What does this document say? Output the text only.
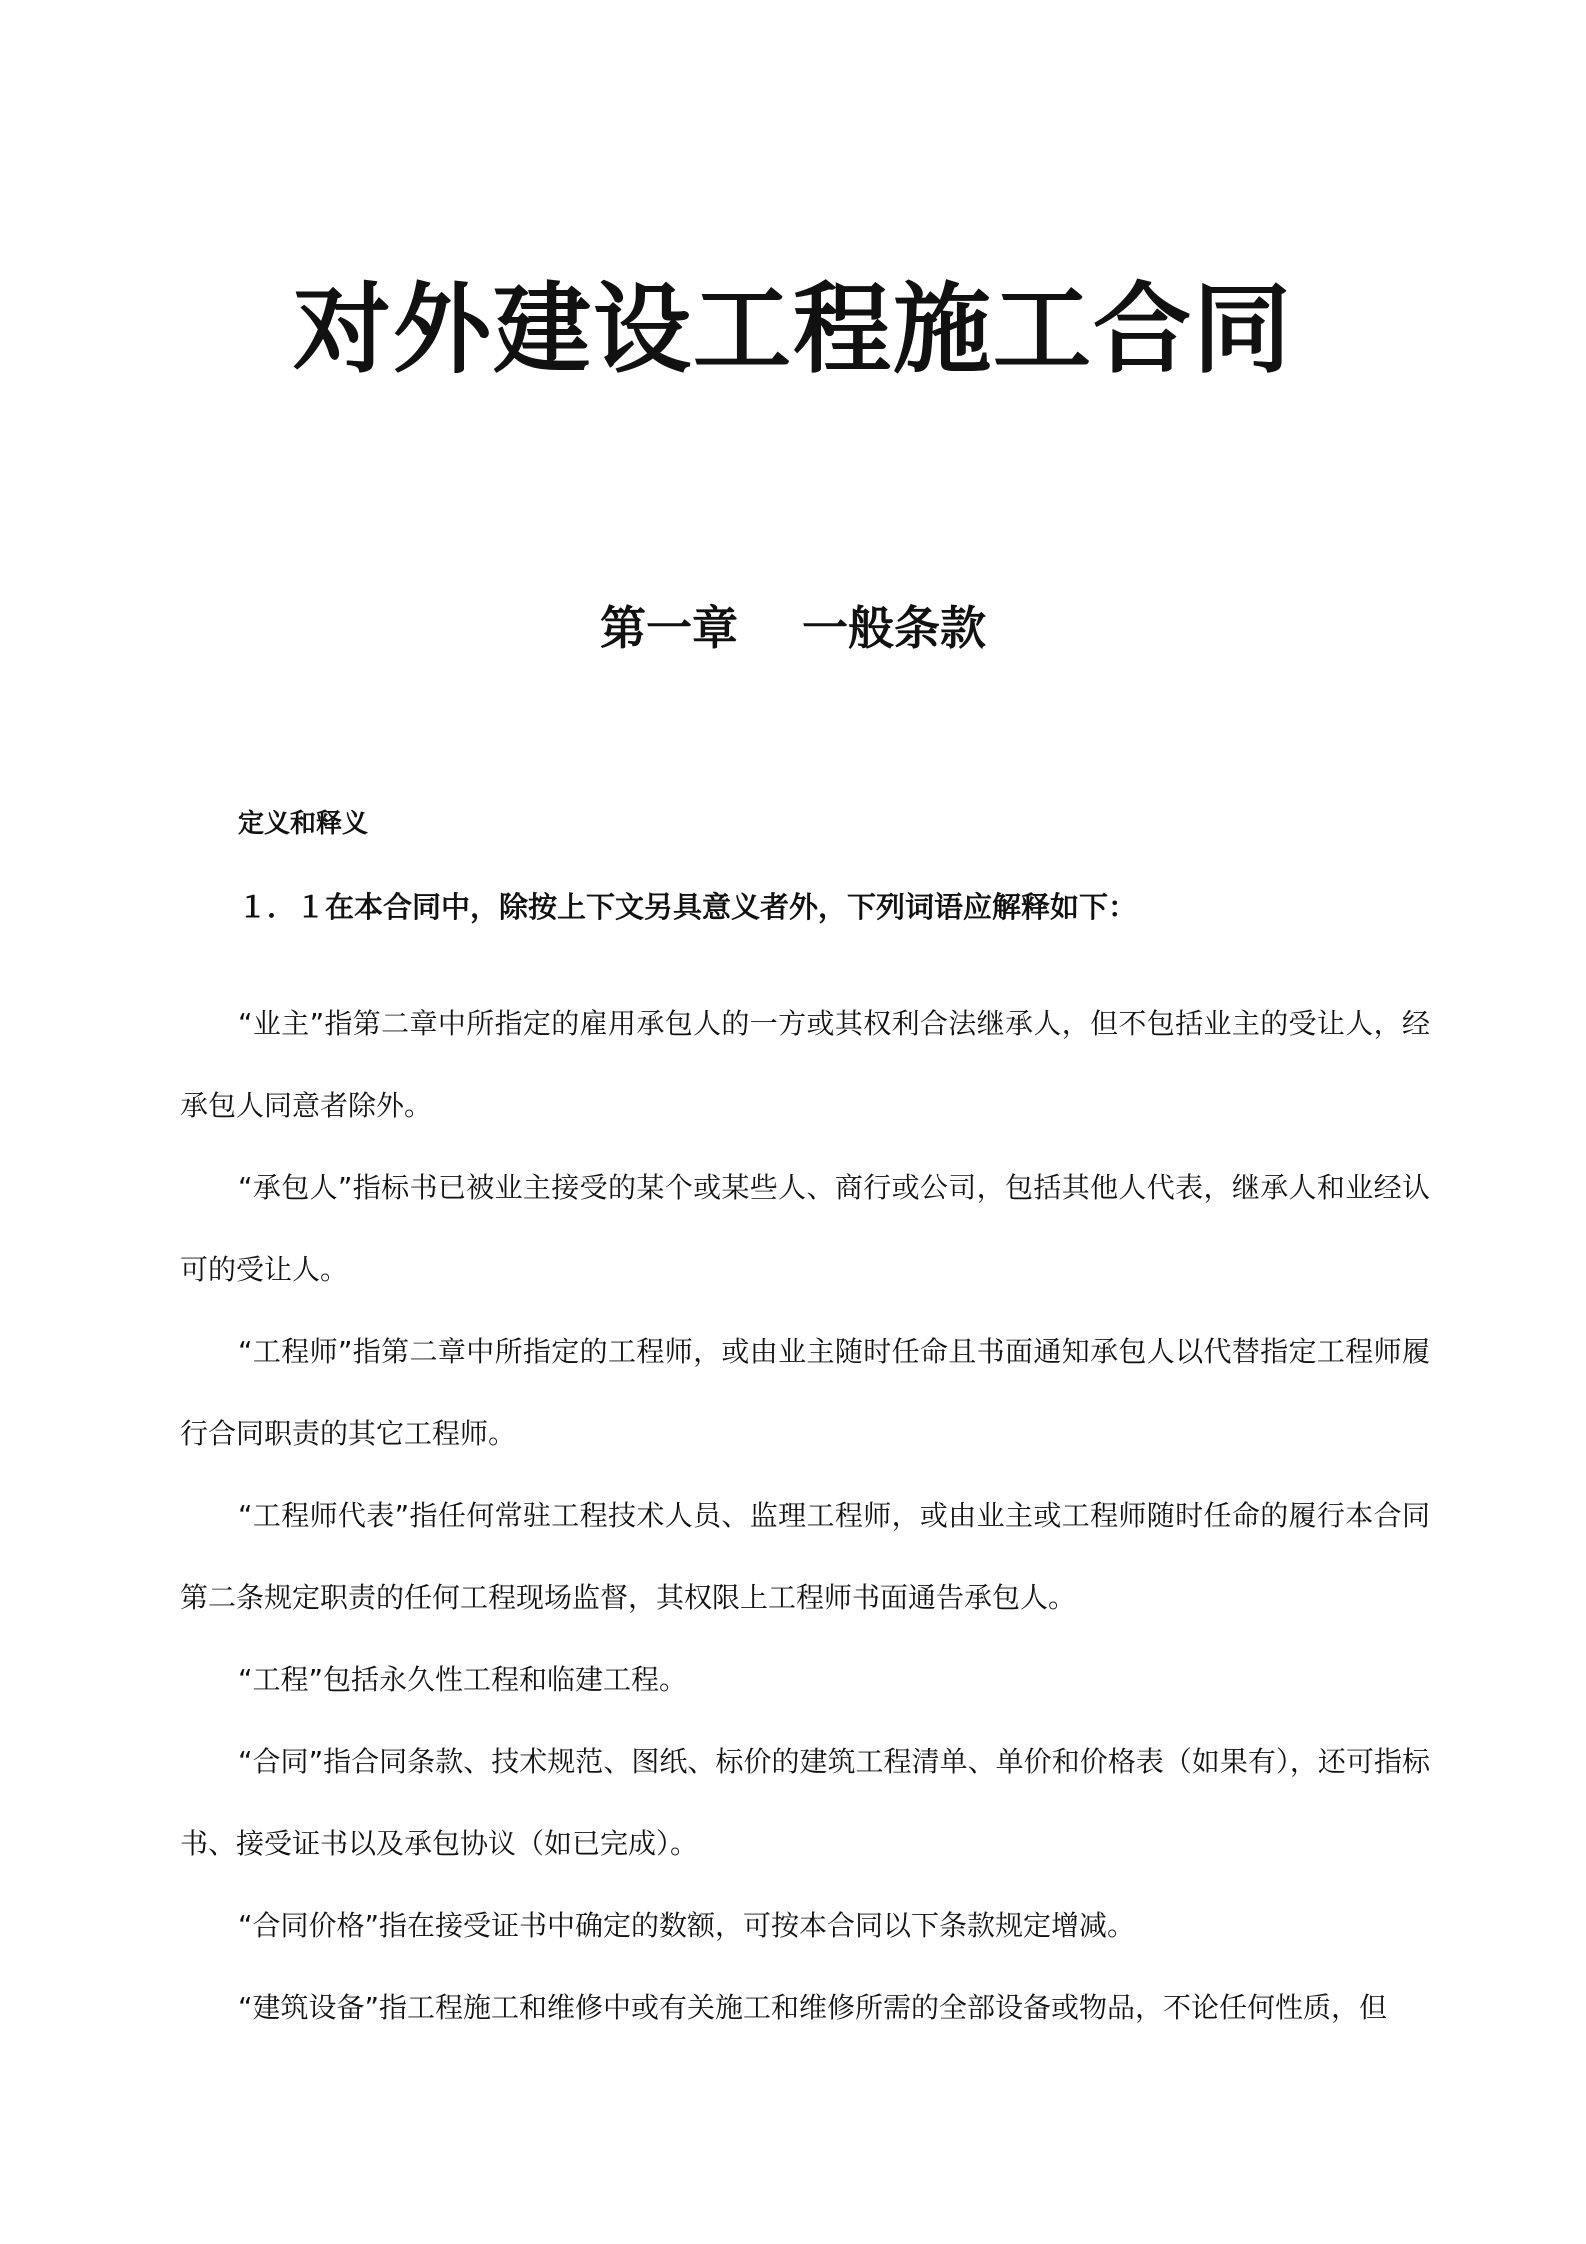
对外建设工程施工合同
第一章    一般条款
定义和释义
１．１在本合同中，除按上下文另具意义者外，下列词语应解释如下：

“业主”指第二章中所指定的雇用承包人的一方或其权利合法继承人，但不包括业主的受让人，经承包人同意者除外。

“承包人”指标书已被业主接受的某个或某些人、商行或公司，包括其他人代表，继承人和业经认可的受让人。

“工程师”指第二章中所指定的工程师，或由业主随时任命且书面通知承包人以代替指定工程师履行合同职责的其它工程师。

“工程师代表”指任何常驻工程技术人员、监理工程师，或由业主或工程师随时任命的履行本合同第二条规定职责的任何工程现场监督，其权限上工程师书面通告承包人。

“工程”包括永久性工程和临建工程。

“合同”指合同条款、技术规范、图纸、标价的建筑工程清单、单价和价格表（如果有），还可指标书、接受证书以及承包协议（如已完成）。

“合同价格”指在接受证书中确定的数额，可按本合同以下条款规定增减。

“建筑设备”指工程施工和维修中或有关施工和维修所需的全部设备或物品，不论任何性质，但
